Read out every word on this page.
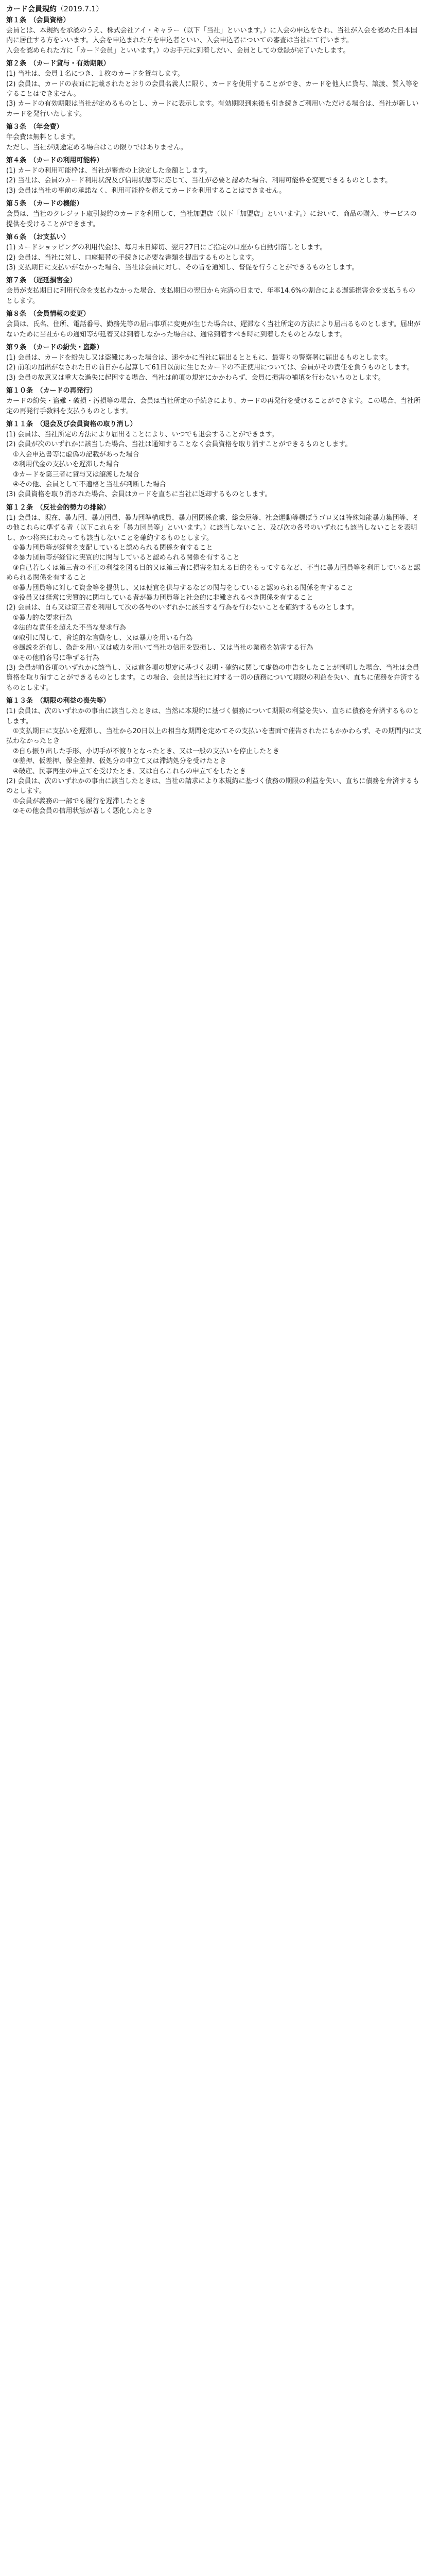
カード会員規約（2019.7.1）
第１条　（会員資格）
会員とは、本規約を承認のうえ、株式会社アイ・キャラー（以下「当社」といいます。）に入会の申込をされ、当社が入会を認めた日本国内に居住する方をいいます。入会を申込まれた方を申込者といい、入会申込者についての審査は当社にて行います。
入会を認められた方に「カード会員」といいます。）のお手元に到着しだい、会員としての登録が完了いたします。
第２条　（カード貸与・有効期限）
(1) 当社は、会員１名につき、１枚のカードを貸与します。
(2) 会員は、カードの表面に記載されたとおりの会員名義人に限り、カードを使用することができ、カードを他人に貸与、譲渡、質入等をすることはできません。
(3) カードの有効期限は当社が定めるものとし、カードに表示します。有効期限到来後も引き続きご利用いただける場合は、当社が新しいカードを発行いたします。
第３条　（年会費）
年会費は無料とします。
ただし、当社が別途定める場合はこの限りではありません。
第４条　（カードの利用可能枠）
(1) カードの利用可能枠は、当社が審査の上決定した金額とします。
(2) 当社は、会員のカード利用状況及び信用状態等に応じて、当社が必要と認めた場合、利用可能枠を変更できるものとします。
(3) 会員は当社の事前の承諾なく、利用可能枠を超えてカードを利用することはできません。
第５条　（カードの機能）
会員は、当社のクレジット取引契約のカードを利用して、当社加盟店（以下「加盟店」といいます。）において、商品の購入、サービスの提供を受けることができます。
第６条　（お支払い）
(1) カードショッピングの利用代金は、毎月末日締切、翌月27日にご指定の口座から自動引落しとします。
(2) 会員は、当社に対し、口座振替の手続きに必要な書類を提出するものとします。
(3) 支払期日に支払いがなかった場合、当社は会員に対し、その旨を通知し、督促を行うことができるものとします。
第７条　（遅延損害金）
会員が支払期日に利用代金を支払わなかった場合、支払期日の翌日から完済の日まで、年率14.6%の割合による遅延損害金を支払うものとします。
第８条　（会員情報の変更）
会員は、氏名、住所、電話番号、勤務先等の届出事項に変更が生じた場合は、遅滞なく当社所定の方法により届出るものとします。届出がないために当社からの通知等が延着又は到着しなかった場合は、通常到着すべき時に到着したものとみなします。
第９条　（カードの紛失・盗難）
(1) 会員は、カードを紛失し又は盗難にあった場合は、速やかに当社に届出るとともに、最寄りの警察署に届出るものとします。
(2) 前項の届出がなされた日の前日から起算して61日以前に生じたカードの不正使用については、会員がその責任を負うものとします。
(3) 会員の故意又は重大な過失に起因する場合、当社は前項の規定にかかわらず、会員に損害の補填を行わないものとします。
第１０条　（カードの再発行）
カードの紛失・盗難・破損・汚損等の場合、会員は当社所定の手続きにより、カードの再発行を受けることができます。この場合、当社所定の再発行手数料を支払うものとします。
第１１条　（退会及び会員資格の取り消し）
(1) 会員は、当社所定の方法により届出ることにより、いつでも退会することができます。
(2) 会員が次のいずれかに該当した場合、当社は通知することなく会員資格を取り消すことができるものとします。
　①入会申込書等に虚偽の記載があった場合
　②利用代金の支払いを遅滞した場合
　③カードを第三者に貸与又は譲渡した場合
　④その他、会員として不適格と当社が判断した場合
(3) 会員資格を取り消された場合、会員はカードを直ちに当社に返却するものとします。
第１２条　（反社会的勢力の排除）
(1) 会員は、現在、暴力団、暴力団員、暴力団準構成員、暴力団関係企業、総会屋等、社会運動等標ぼうゴロ又は特殊知能暴力集団等、その他これらに準ずる者（以下これらを「暴力団員等」といいます。）に該当しないこと、及び次の各号のいずれにも該当しないことを表明し、かつ将来にわたっても該当しないことを確約するものとします。
　①暴力団員等が経営を支配していると認められる関係を有すること
　②暴力団員等が経営に実質的に関与していると認められる関係を有すること
　③自己若しくは第三者の不正の利益を図る目的又は第三者に損害を加える目的をもってするなど、不当に暴力団員等を利用していると認められる関係を有すること
　④暴力団員等に対して資金等を提供し、又は便宜を供与するなどの関与をしていると認められる関係を有すること
　⑤役員又は経営に実質的に関与している者が暴力団員等と社会的に非難されるべき関係を有すること
(2) 会員は、自ら又は第三者を利用して次の各号のいずれかに該当する行為を行わないことを確約するものとします。
　①暴力的な要求行為
　②法的な責任を超えた不当な要求行為
　③取引に関して、脅迫的な言動をし、又は暴力を用いる行為
　④風説を流布し、偽計を用い又は威力を用いて当社の信用を毀損し、又は当社の業務を妨害する行為
　⑤その他前各号に準ずる行為
(3) 会員が前各項のいずれかに該当し、又は前各項の規定に基づく表明・確約に関して虚偽の申告をしたことが判明した場合、当社は会員資格を取り消すことができるものとします。この場合、会員は当社に対する一切の債務について期限の利益を失い、直ちに債務を弁済するものとします。
第１３条　（期限の利益の喪失等）
(1) 会員は、次のいずれかの事由に該当したときは、当然に本規約に基づく債務について期限の利益を失い、直ちに債務を弁済するものとします。
　①支払期日に支払いを遅滞し、当社から20日以上の相当な期間を定めてその支払いを書面で催告されたにもかかわらず、その期間内に支払わなかったとき
　②自ら振り出した手形、小切手が不渡りとなったとき、又は一般の支払いを停止したとき
　③差押、仮差押、保全差押、仮処分の申立て又は滞納処分を受けたとき
　④破産、民事再生の申立てを受けたとき、又は自らこれらの申立てをしたとき
(2) 会員は、次のいずれかの事由に該当したときは、当社の請求により本規約に基づく債務の期限の利益を失い、直ちに債務を弁済するものとします。
　①会員が義務の一部でも履行を遅滞したとき
　②その他会員の信用状態が著しく悪化したとき
